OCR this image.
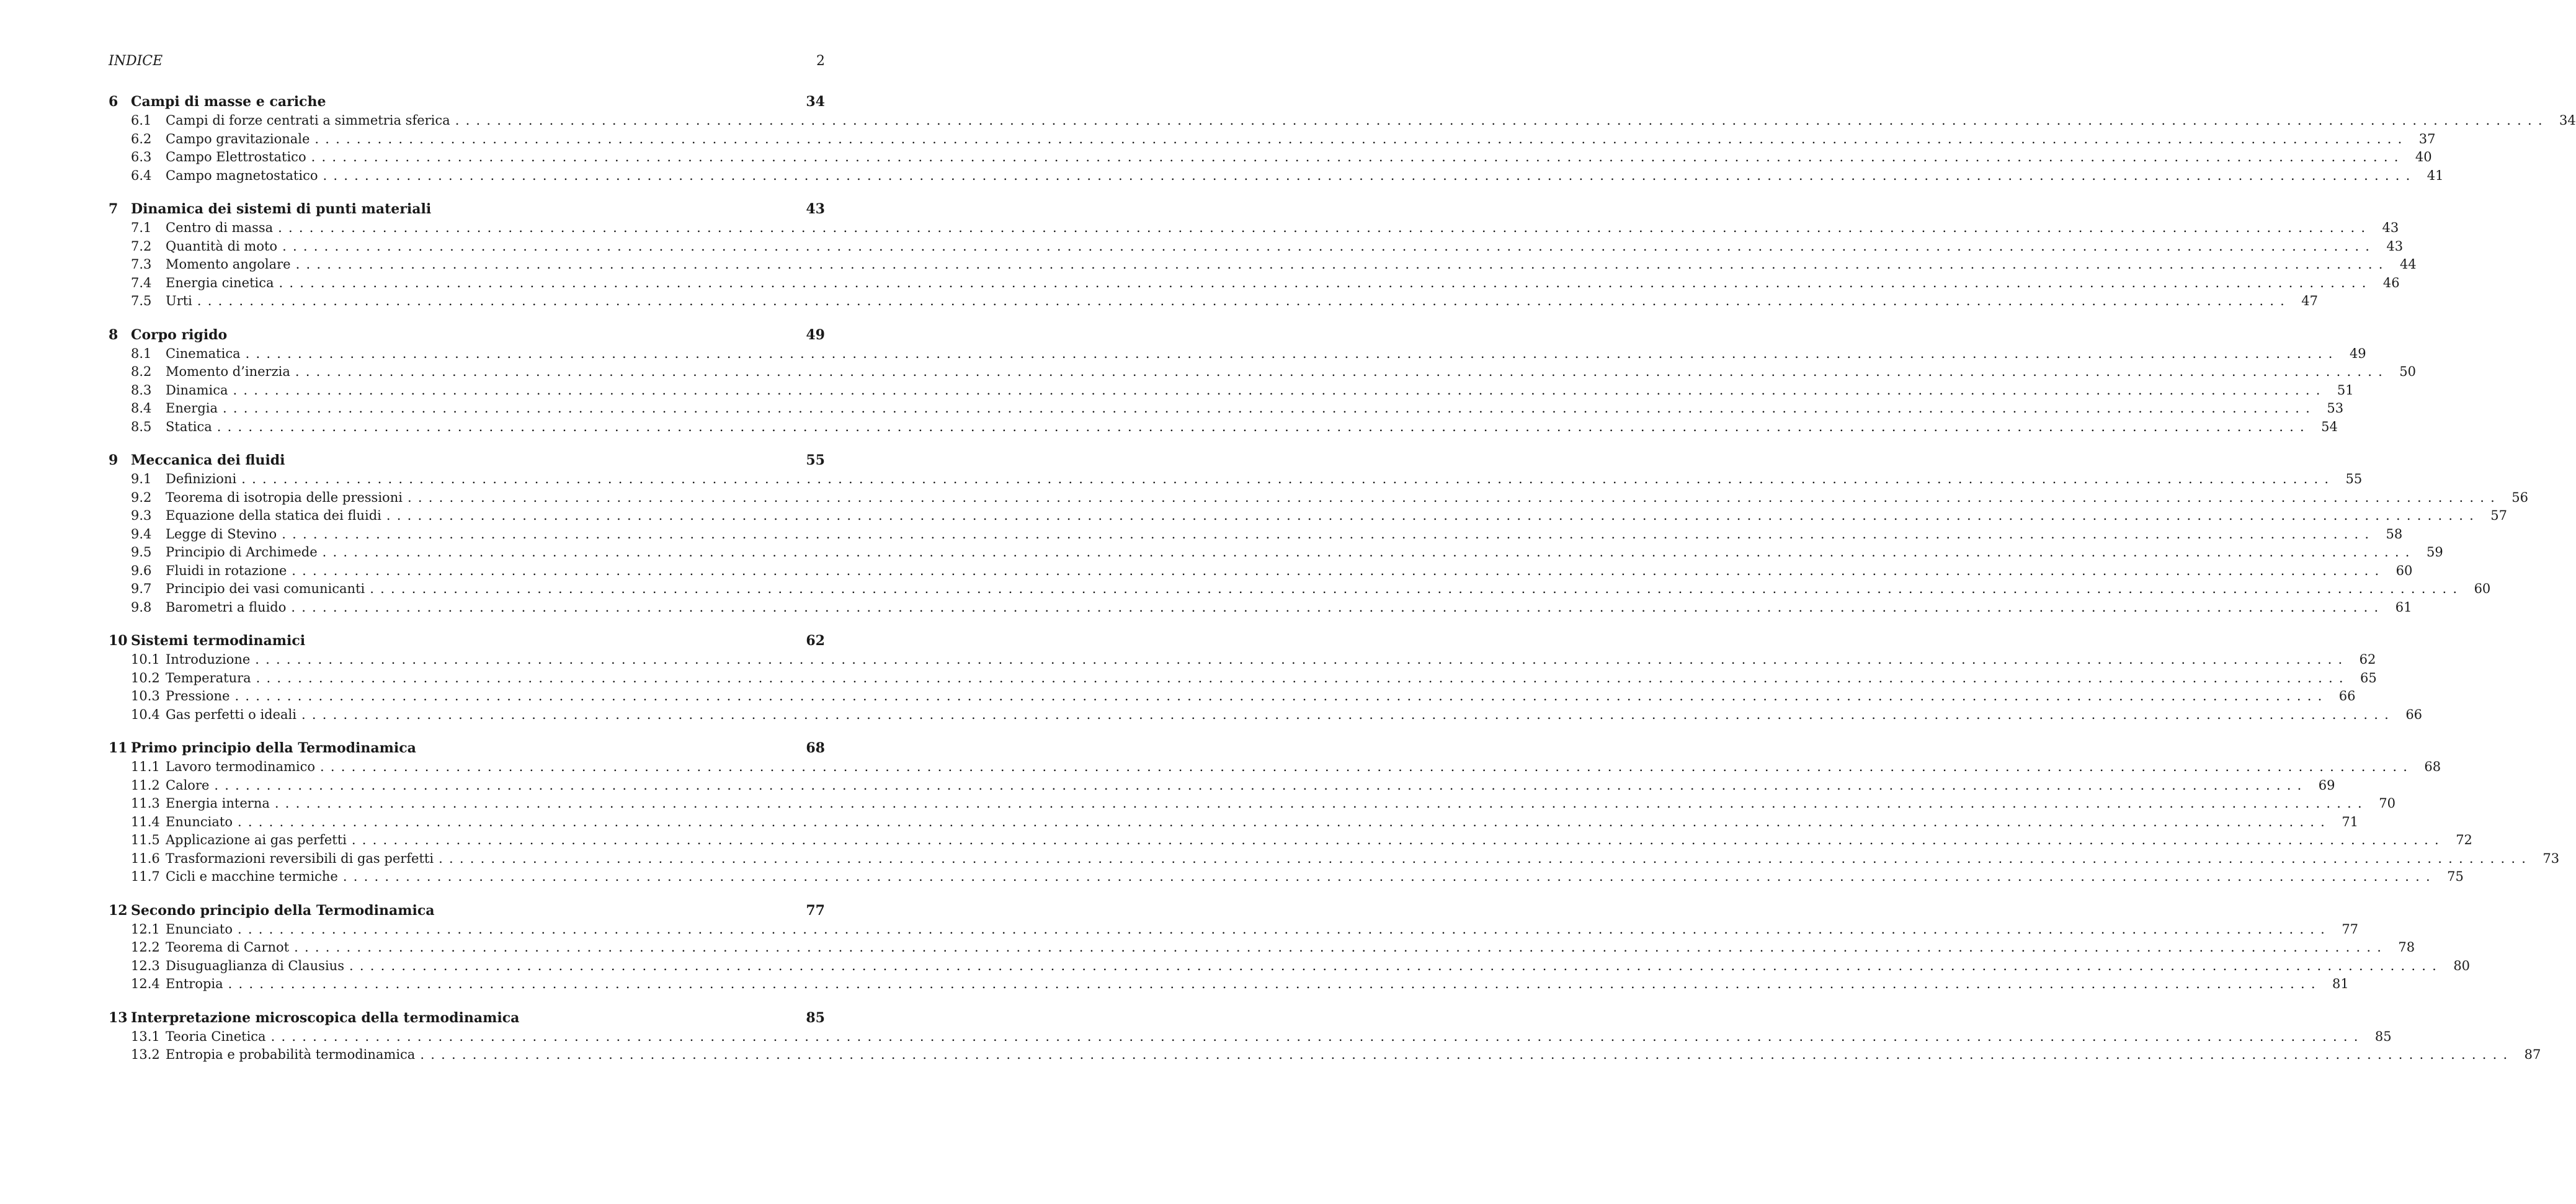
INDICE	2
6 Campi di masse e cariche	34
6.1	Campi di forze centrati a simmetria sferica ........................................................................................................................................................................................................ 34
6.2	Campo gravitazionale ........................................................................................................................................................................................................ 37
6.3	Campo Elettrostatico ........................................................................................................................................................................................................ 40
6.4	Campo magnetostatico ........................................................................................................................................................................................................ 41
7 Dinamica dei sistemi di punti materiali	43
7.1	Centro di massa ........................................................................................................................................................................................................ 43
7.2	Quantità di moto ........................................................................................................................................................................................................ 43
7.3	Momento angolare ........................................................................................................................................................................................................ 44
7.4	Energia cinetica ........................................................................................................................................................................................................ 46
7.5	Urti ........................................................................................................................................................................................................ 47
8 Corpo rigido	49
8.1	Cinematica ........................................................................................................................................................................................................ 49
8.2	Momento d’inerzia ........................................................................................................................................................................................................ 50
8.3	Dinamica ........................................................................................................................................................................................................ 51
8.4	Energia ........................................................................................................................................................................................................ 53
8.5	Statica ........................................................................................................................................................................................................ 54
9 Meccanica dei fluidi	55
9.1	Definizioni ........................................................................................................................................................................................................ 55
9.2	Teorema di isotropia delle pressioni ........................................................................................................................................................................................................ 56
9.3	Equazione della statica dei fluidi ........................................................................................................................................................................................................ 57
9.4	Legge di Stevino ........................................................................................................................................................................................................ 58
9.5	Principio di Archimede ........................................................................................................................................................................................................ 59
9.6	Fluidi in rotazione ........................................................................................................................................................................................................ 60
9.7	Principio dei vasi comunicanti ........................................................................................................................................................................................................ 60
9.8	Barometri a fluido ........................................................................................................................................................................................................ 61
10 Sistemi termodinamici	62
10.1 Introduzione ........................................................................................................................................................................................................ 62
10.2 Temperatura ........................................................................................................................................................................................................ 65
10.3 Pressione ........................................................................................................................................................................................................ 66
10.4 Gas perfetti o ideali ........................................................................................................................................................................................................ 66
11 Primo principio della Termodinamica	68
11.1 Lavoro termodinamico ........................................................................................................................................................................................................ 68
11.2 Calore ........................................................................................................................................................................................................ 69
11.3 Energia interna ........................................................................................................................................................................................................ 70
11.4 Enunciato ........................................................................................................................................................................................................ 71
11.5 Applicazione ai gas perfetti ........................................................................................................................................................................................................ 72
11.6 Trasformazioni reversibili di gas perfetti ........................................................................................................................................................................................................ 73
11.7 Cicli e macchine termiche ........................................................................................................................................................................................................ 75
12 Secondo principio della Termodinamica	77
12.1 Enunciato ........................................................................................................................................................................................................ 77
12.2 Teorema di Carnot ........................................................................................................................................................................................................ 78
12.3 Disuguaglianza di Clausius ........................................................................................................................................................................................................ 80
12.4 Entropia ........................................................................................................................................................................................................ 81
13 Interpretazione microscopica della termodinamica	85
13.1 Teoria Cinetica ........................................................................................................................................................................................................ 85
13.2 Entropia e probabilità termodinamica ........................................................................................................................................................................................................ 87
